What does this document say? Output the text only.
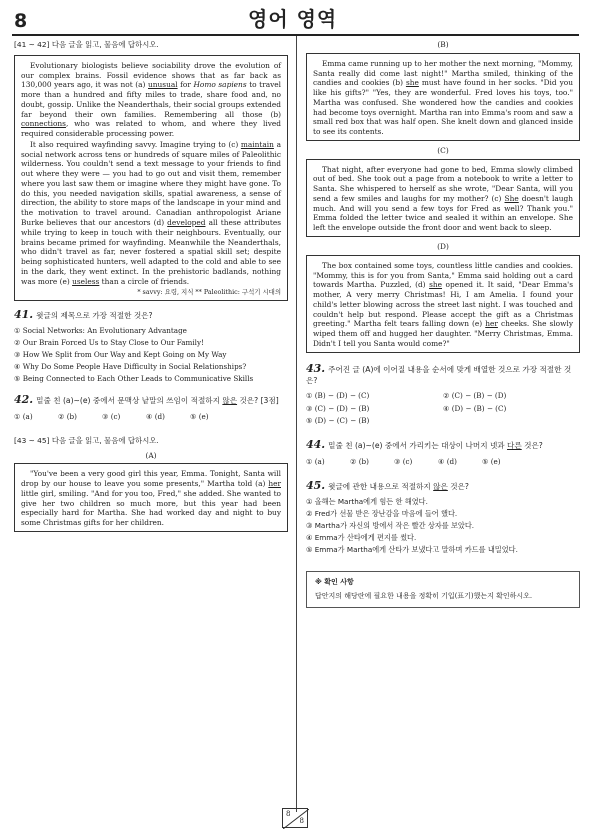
8	영어 영역
[41 ~ 42] 다음 글을 읽고, 물음에 답하시오.

Evolutionary biologists believe sociability drove the evolution of our complex brains. Fossil evidence shows that as far back as 130,000 years ago, it was not (a) unusual for Homo sapiens to travel more than a hundred and fifty miles to trade, share food and, no doubt, gossip. Unlike the Neanderthals, their social groups extended far beyond their own families. Remembering all those (b) connections, who was related to whom, and where they lived required considerable processing power.

It also required wayfinding savvy. Imagine trying to (c) maintain a social network across tens or hundreds of square miles of Paleolithic wilderness. You couldn't send a text message to your friends to find out where they were — you had to go out and visit them, remember where you last saw them or imagine where they might have gone. To do this, you needed navigation skills, spatial awareness, a sense of direction, the ability to store maps of the landscape in your mind and the motivation to travel around. Canadian anthropologist Ariane Burke believes that our ancestors (d) developed all these attributes while trying to keep in touch with their neighbours. Eventually, our brains became primed for wayfinding. Meanwhile the Neanderthals, who didn't travel as far, never fostered a spatial skill set; despite being sophisticated hunters, well adapted to the cold and able to see in the dark, they went extinct. In the prehistoric badlands, nothing was more (e) useless than a circle of friends.

* savvy: 요령, 지식 ** Paleolithic: 구석기 시대의
41. 윗글의 제목으로 가장 적절한 것은?
① Social Networks: An Evolutionary Advantage
② Our Brain Forced Us to Stay Close to Our Family!
③ How We Split from Our Way and Kept Going on My Way
④ Why Do Some People Have Difficulty in Social Relationships?
⑤ Being Connected to Each Other Leads to Communicative Skills
42. 밑줄 친 (a)~(e) 중에서 문맥상 낱말의 쓰임이 적절하지 않은 것은? [3점]
① (a)	② (b)	③ (c)	④ (d)	⑤ (e)
[43 ~ 45] 다음 글을 읽고, 물음에 답하시오.
(A)

"You've been a very good girl this year, Emma. Tonight, Santa will drop by our house to leave you some presents," Martha told (a) her little girl, smiling. "And for you too, Fred," she added. She wanted to give her two children so much more, but this year had been especially hard for Martha. She had worked day and night to buy some Christmas gifts for her children.

(B)

Emma came running up to her mother the next morning, "Mommy, Santa really did come last night!" Martha smiled, thinking of the candies and cookies (b) she must have found in her socks. "Did you like his gifts?" "Yes, they are wonderful. Fred loves his toys, too." Martha was confused. She wondered how the candies and cookies had become toys overnight. Martha ran into Emma's room and saw a small red box that was half open. She knelt down and glanced inside to see its contents.

(C)

That night, after everyone had gone to bed, Emma slowly climbed out of bed. She took out a page from a notebook to write a letter to Santa. She whispered to herself as she wrote, "Dear Santa, will you send a few smiles and laughs for my mother? (c) She doesn't laugh much. And will you send a few toys for Fred as well? Thank you." Emma folded the letter twice and sealed it within an envelope. She left the envelope outside the front door and went back to sleep.

(D)

The box contained some toys, countless little candies and cookies. "Mommy, this is for you from Santa," Emma said holding out a card towards Martha. Puzzled, (d) she opened it. It said, "Dear Emma's mother, A very merry Christmas! Hi, I am Amelia. I found your child's letter blowing across the street last night. I was touched and couldn't help but respond. Please accept the gift as a Christmas greeting." Martha felt tears falling down (e) her cheeks. She slowly wiped them off and hugged her daughter. "Merry Christmas, Emma. Didn't I tell you Santa would come?"

43. 주어진 글 (A)에 이어질 내용을 순서에 맞게 배열한 것으로 가장 적절한 것은?
① (B) − (D) − (C)	② (C) − (B) − (D)
③ (C) − (D) − (B)	④ (D) − (B) − (C)
⑤ (D) − (C) − (B)
44. 밑줄 친 (a)~(e) 중에서 가리키는 대상이 나머지 넷과 다른 것은?
① (a)	② (b)	③ (c)	④ (d)	⑤ (e)
45. 윗글에 관한 내용으로 적절하지 않은 것은?
① 올해는 Martha에게 힘든 한 해였다.
② Fred가 선물 받은 장난감을 마음에 들어 했다.
③ Martha가 자신의 방에서 작은 빨간 상자를 보았다.
④ Emma가 산타에게 편지를 썼다.
⑤ Emma가 Martha에게 산타가 보냈다고 말하며 카드를 내밀었다.
※ 확인 사항
답안지의 해당란에 필요한 내용을 정확히 기입(표기)했는지 확인하시오.
8
8
